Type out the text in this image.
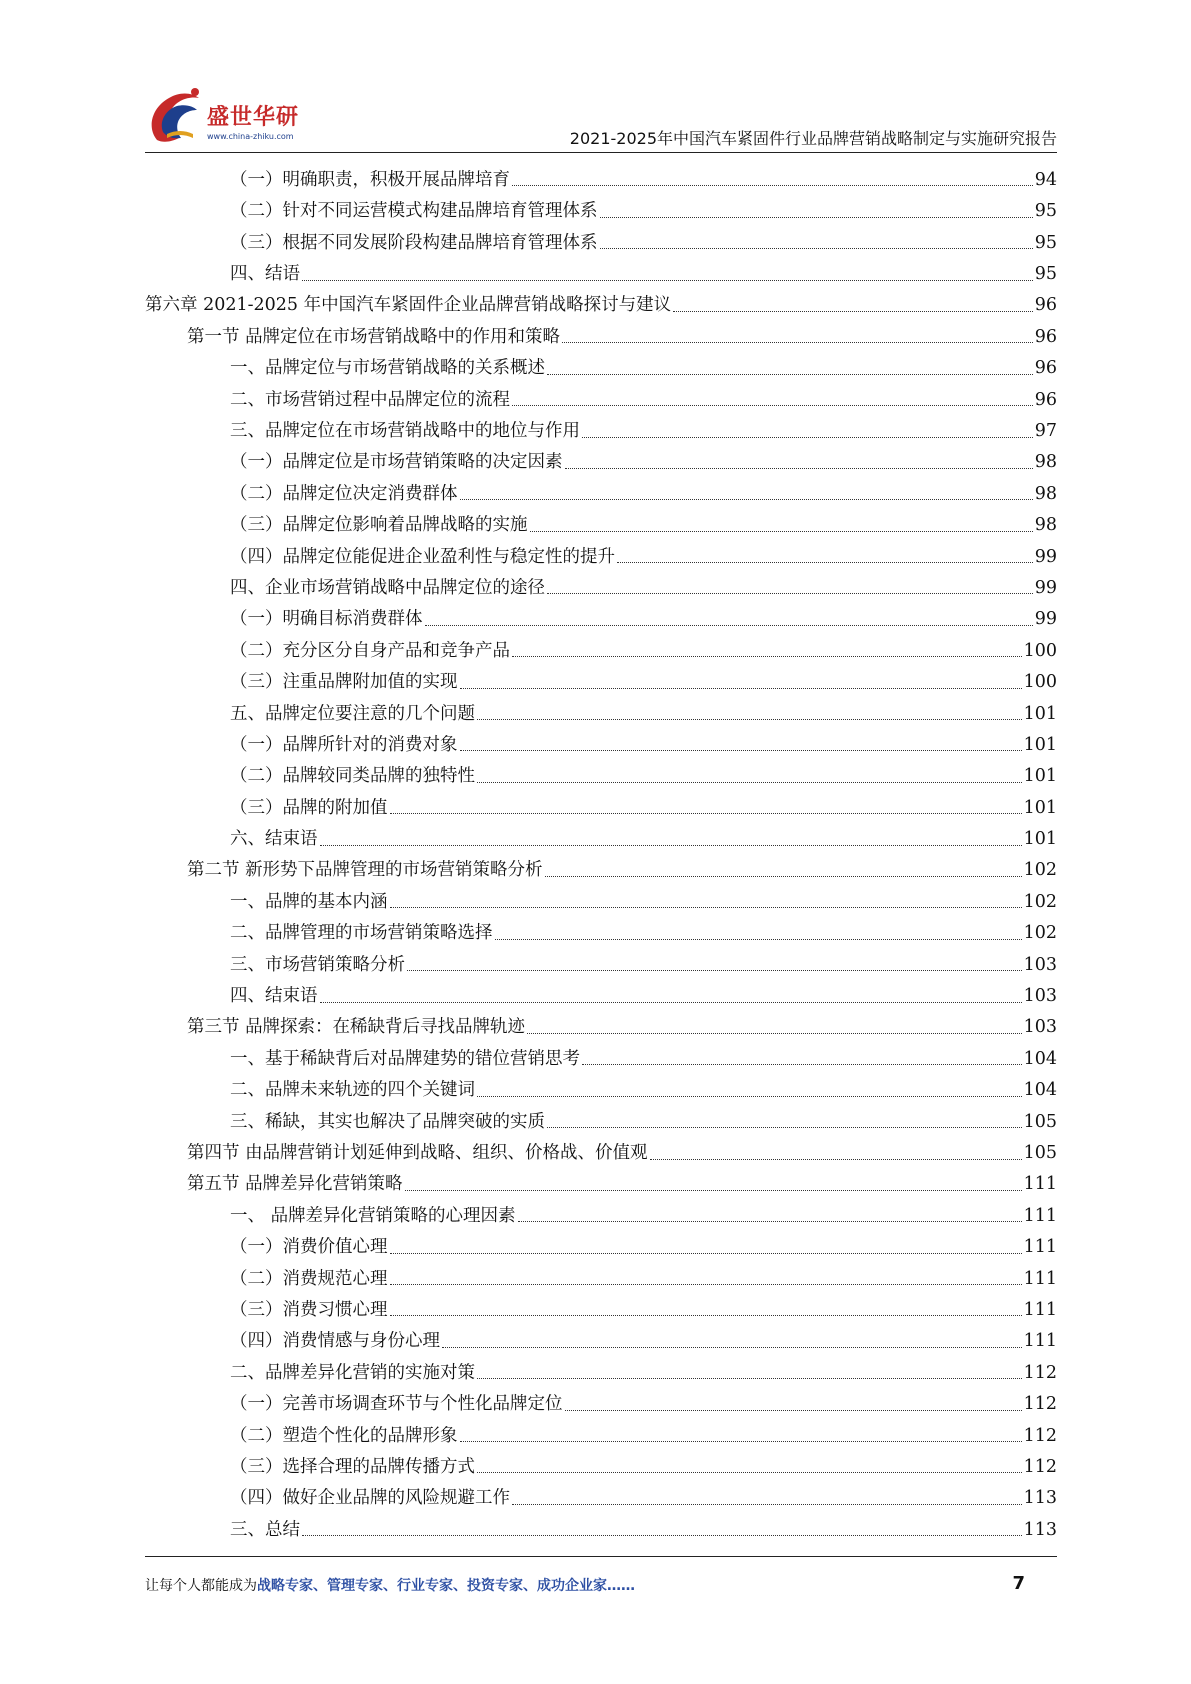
盛世华研
www.china-zhiku.com	2021-2025年中国汽车紧固件行业品牌营销战略制定与实施研究报告
（一）明确职责，积极开展品牌培育	94
（二）针对不同运营模式构建品牌培育管理体系	95
（三）根据不同发展阶段构建品牌培育管理体系	95
四、结语	95
第六章 2021-2025 年中国汽车紧固件企业品牌营销战略探讨与建议	96
第一节 品牌定位在市场营销战略中的作用和策略	96
一、品牌定位与市场营销战略的关系概述	96
二、市场营销过程中品牌定位的流程	96
三、品牌定位在市场营销战略中的地位与作用	97
（一）品牌定位是市场营销策略的决定因素	98
（二）品牌定位决定消费群体	98
（三）品牌定位影响着品牌战略的实施	98
（四）品牌定位能促进企业盈利性与稳定性的提升	99
四、企业市场营销战略中品牌定位的途径	99
（一）明确目标消费群体	99
（二）充分区分自身产品和竞争产品	100
（三）注重品牌附加值的实现	100
五、品牌定位要注意的几个问题	101
（一）品牌所针对的消费对象	101
（二）品牌较同类品牌的独特性	101
（三）品牌的附加值	101
六、结束语	101
第二节 新形势下品牌管理的市场营销策略分析	102
一、品牌的基本内涵	102
二、品牌管理的市场营销策略选择	102
三、市场营销策略分析	103
四、结束语	103
第三节 品牌探索：在稀缺背后寻找品牌轨迹	103
一、基于稀缺背后对品牌建势的错位营销思考	104
二、品牌未来轨迹的四个关键词	104
三、稀缺，其实也解决了品牌突破的实质	105
第四节 由品牌营销计划延伸到战略、组织、价格战、价值观	105
第五节 品牌差异化营销策略	111
一、 品牌差异化营销策略的心理因素	111
（一）消费价值心理	111
（二）消费规范心理	111
（三）消费习惯心理	111
（四）消费情感与身份心理	111
二、品牌差异化营销的实施对策	112
（一）完善市场调查环节与个性化品牌定位	112
（二）塑造个性化的品牌形象	112
（三）选择合理的品牌传播方式	112
（四）做好企业品牌的风险规避工作	113
三、总结	113
让每个人都能成为战略专家、管理专家、行业专家、投资专家、成功企业家……	7
